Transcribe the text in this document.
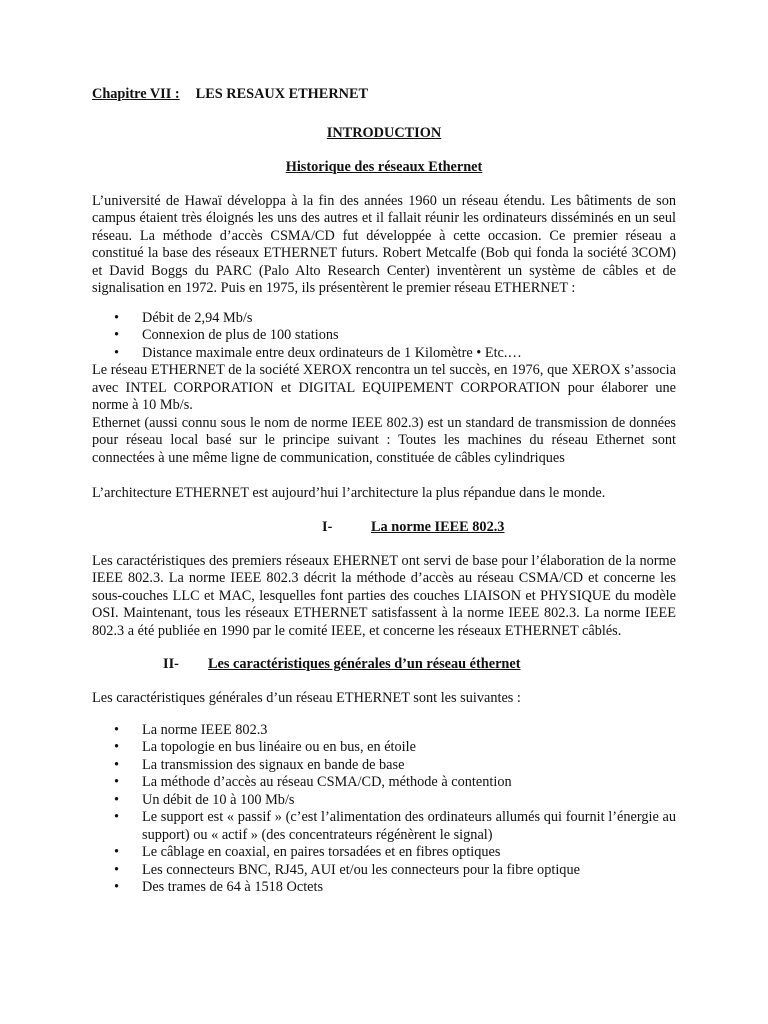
Chapitre VII : LES RESAUX ETHERNET
INTRODUCTION
Historique des réseaux Ethernet

L’université de Hawaï développa à la fin des années 1960 un réseau étendu. Les bâtiments de son campus étaient très éloignés les uns des autres et il fallait réunir les ordinateurs disséminés en un seul réseau. La méthode d’accès CSMA/CD fut développée à cette occasion. Ce premier réseau a constitué la base des réseaux ETHERNET futurs. Robert Metcalfe (Bob qui fonda la société 3COM) et David Boggs du PARC (Palo Alto Research Center) inventèrent un système de câbles et de signalisation en 1972. Puis en 1975, ils présentèrent le premier réseau ETHERNET :

• Débit de 2,94 Mb/s
• Connexion de plus de 100 stations
• Distance maximale entre deux ordinateurs de 1 Kilomètre • Etc.…

Le réseau ETHERNET de la société XEROX rencontra un tel succès, en 1976, que XEROX s’associa avec INTEL CORPORATION et DIGITAL EQUIPEMENT CORPORATION pour élaborer une norme à 10 Mb/s.

Ethernet (aussi connu sous le nom de norme IEEE 802.3) est un standard de transmission de données pour réseau local basé sur le principe suivant : Toutes les machines du réseau Ethernet sont connectées à une même ligne de communication, constituée de câbles cylindriques

L’architecture ETHERNET est aujourd’hui l’architecture la plus répandue dans le monde.

I-	La norme IEEE 802.3

Les caractéristiques des premiers réseaux EHERNET ont servi de base pour l’élaboration de la norme IEEE 802.3. La norme IEEE 802.3 décrit la méthode d’accès au réseau CSMA/CD et concerne les sous-couches LLC et MAC, lesquelles font parties des couches LIAISON et PHYSIQUE du modèle OSI. Maintenant, tous les réseaux ETHERNET satisfassent à la norme IEEE 802.3. La norme IEEE 802.3 a été publiée en 1990 par le comité IEEE, et concerne les réseaux ETHERNET câblés.

II- Les caractéristiques générales d’un réseau éthernet

Les caractéristiques générales d’un réseau ETHERNET sont les suivantes :

• La norme IEEE 802.3
• La topologie en bus linéaire ou en bus, en étoile
• La transmission des signaux en bande de base
• La méthode d’accès au réseau CSMA/CD, méthode à contention
• Un débit de 10 à 100 Mb/s
• Le support est « passif » (c’est l’alimentation des ordinateurs allumés qui fournit l’énergie au support) ou « actif » (des concentrateurs régénèrent le signal)
• Le câblage en coaxial, en paires torsadées et en fibres optiques
• Les connecteurs BNC, RJ45, AUI et/ou les connecteurs pour la fibre optique
• Des trames de 64 à 1518 Octets
